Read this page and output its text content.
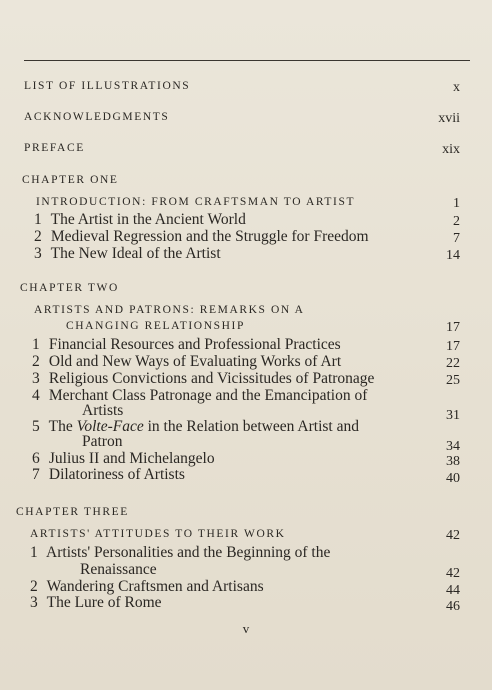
LIST OF ILLUSTRATIONS	x
ACKNOWLEDGMENTS	xvii
PREFACE	xix
CHAPTER ONE
INTRODUCTION: FROM CRAFTSMAN TO ARTIST	1
1 The Artist in the Ancient World	2
2 Medieval Regression and the Struggle for Freedom	7
3 The New Ideal of the Artist	14
CHAPTER TWO
ARTISTS AND PATRONS: REMARKS ON A
CHANGING RELATIONSHIP	17
1 Financial Resources and Professional Practices	17
2 Old and New Ways of Evaluating Works of Art	22
3 Religious Convictions and Vicissitudes of Patronage	25
4 Merchant Class Patronage and the Emancipation of
Artists	31
5 The Volte-Face in the Relation between Artist and
Patron	34
6 Julius II and Michelangelo	38
7 Dilatoriness of Artists	40
CHAPTER THREE
ARTISTS' ATTITUDES TO THEIR WORK	42
1 Artists' Personalities and the Beginning of the
Renaissance	42
2 Wandering Craftsmen and Artisans	44
3 The Lure of Rome	46
v
